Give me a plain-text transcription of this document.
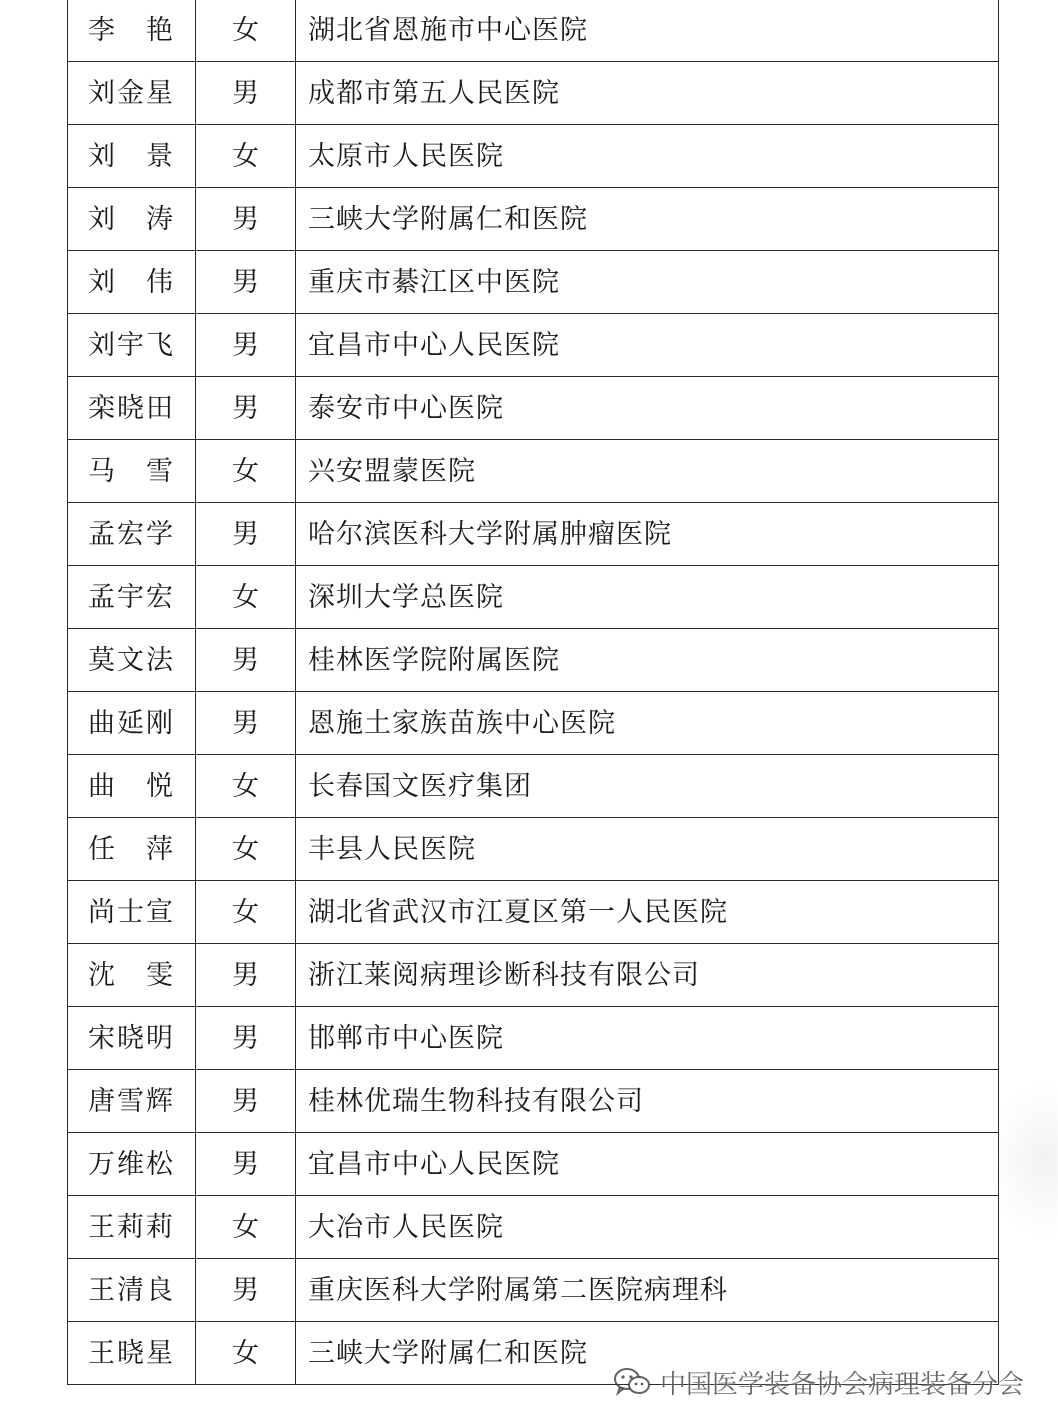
李　艳	女	湖北省恩施市中心医院
刘金星	男	成都市第五人民医院
刘　景	女	太原市人民医院
刘　涛	男	三峡大学附属仁和医院
刘　伟	男	重庆市綦江区中医院
刘宇飞	男	宜昌市中心人民医院
栾晓田	男	泰安市中心医院
马　雪	女	兴安盟蒙医院
孟宏学	男	哈尔滨医科大学附属肿瘤医院
孟宇宏	女	深圳大学总医院
莫文法	男	桂林医学院附属医院
曲延刚	男	恩施土家族苗族中心医院
曲　悦	女	长春国文医疗集团
任　萍	女	丰县人民医院
尚士宣	女	湖北省武汉市江夏区第一人民医院
沈　雯	男	浙江莱阅病理诊断科技有限公司
宋晓明	男	邯郸市中心医院
唐雪辉	男	桂林优瑞生物科技有限公司
万维松	男	宜昌市中心人民医院
王莉莉	女	大冶市人民医院
王清良	男	重庆医科大学附属第二医院病理科
王晓星	女	三峡大学附属仁和医院
中国医学装备协会病理装备分会
